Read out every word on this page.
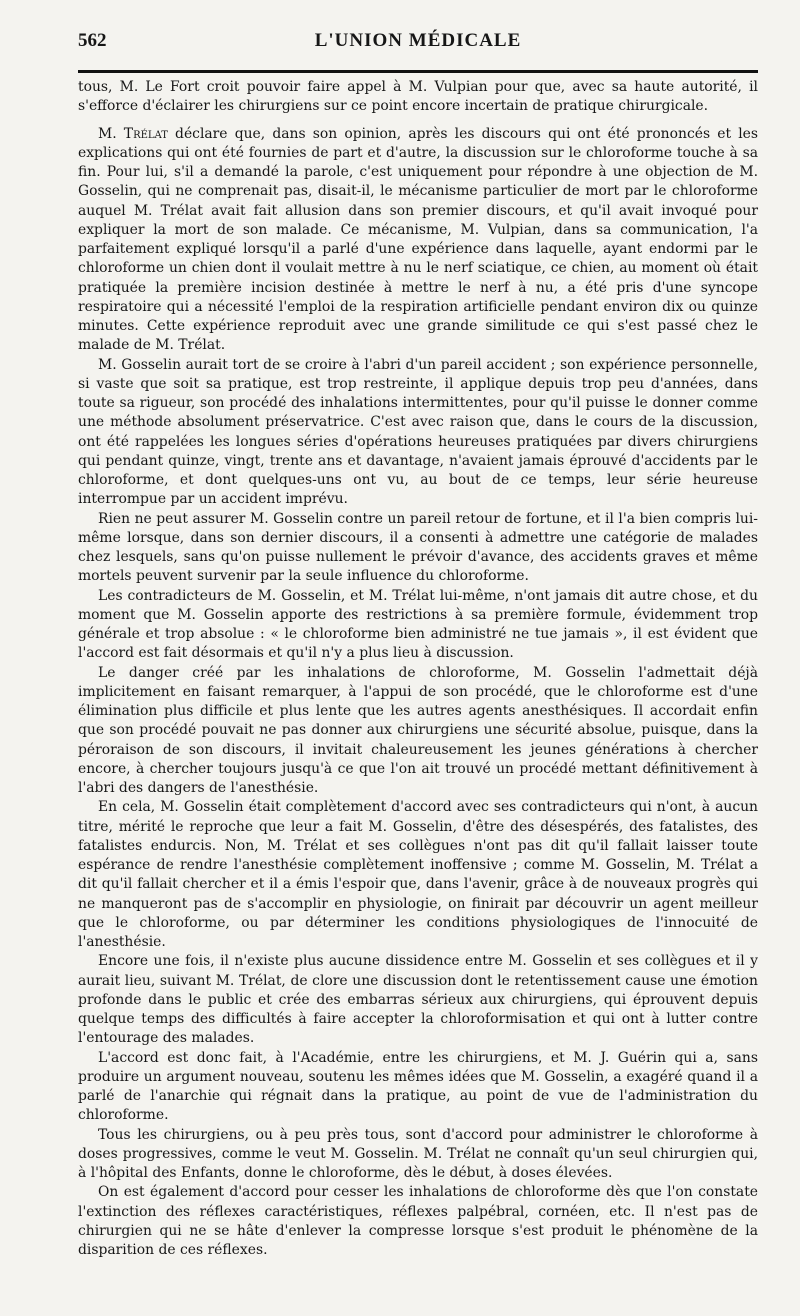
562	L'UNION MÉDICALE

tous, M. Le Fort croit pouvoir faire appel à M. Vulpian pour que, avec sa haute autorité, il s'efforce d'éclairer les chirurgiens sur ce point encore incertain de pratique chirurgicale.

M. Trélat déclare que, dans son opinion, après les discours qui ont été prononcés et les explications qui ont été fournies de part et d'autre, la discussion sur le chloroforme touche à sa fin. Pour lui, s'il a demandé la parole, c'est uniquement pour répondre à une objection de M. Gosselin, qui ne comprenait pas, disait-il, le mécanisme particulier de mort par le chloroforme auquel M. Trélat avait fait allusion dans son premier discours, et qu'il avait invoqué pour expliquer la mort de son malade. Ce mécanisme, M. Vulpian, dans sa communication, l'a parfaitement expliqué lorsqu'il a parlé d'une expérience dans laquelle, ayant endormi par le chloroforme un chien dont il voulait mettre à nu le nerf sciatique, ce chien, au moment où était pratiquée la première incision destinée à mettre le nerf à nu, a été pris d'une syncope respiratoire qui a nécessité l'emploi de la respiration artificielle pendant environ dix ou quinze minutes. Cette expérience reproduit avec une grande similitude ce qui s'est passé chez le malade de M. Trélat.

M. Gosselin aurait tort de se croire à l'abri d'un pareil accident ; son expérience personnelle, si vaste que soit sa pratique, est trop restreinte, il applique depuis trop peu d'années, dans toute sa rigueur, son procédé des inhalations intermittentes, pour qu'il puisse le donner comme une méthode absolument préservatrice. C'est avec raison que, dans le cours de la discussion, ont été rappelées les longues séries d'opérations heureuses pratiquées par divers chirurgiens qui pendant quinze, vingt, trente ans et davantage, n'avaient jamais éprouvé d'accidents par le chloroforme, et dont quelques-uns ont vu, au bout de ce temps, leur série heureuse interrompue par un accident imprévu.

Rien ne peut assurer M. Gosselin contre un pareil retour de fortune, et il l'a bien compris lui-même lorsque, dans son dernier discours, il a consenti à admettre une catégorie de malades chez lesquels, sans qu'on puisse nullement le prévoir d'avance, des accidents graves et même mortels peuvent survenir par la seule influence du chloroforme.

Les contradicteurs de M. Gosselin, et M. Trélat lui-même, n'ont jamais dit autre chose, et du moment que M. Gosselin apporte des restrictions à sa première formule, évidemment trop générale et trop absolue : « le chloroforme bien administré ne tue jamais », il est évident que l'accord est fait désormais et qu'il n'y a plus lieu à discussion.

Le danger créé par les inhalations de chloroforme, M. Gosselin l'admettait déjà implicitement en faisant remarquer, à l'appui de son procédé, que le chloroforme est d'une élimination plus difficile et plus lente que les autres agents anesthésiques. Il accordait enfin que son procédé pouvait ne pas donner aux chirurgiens une sécurité absolue, puisque, dans la péroraison de son discours, il invitait chaleureusement les jeunes générations à chercher encore, à chercher toujours jusqu'à ce que l'on ait trouvé un procédé mettant définitivement à l'abri des dangers de l'anesthésie.

En cela, M. Gosselin était complètement d'accord avec ses contradicteurs qui n'ont, à aucun titre, mérité le reproche que leur a fait M. Gosselin, d'être des désespérés, des fatalistes, des fatalistes endurcis. Non, M. Trélat et ses collègues n'ont pas dit qu'il fallait laisser toute espérance de rendre l'anesthésie complètement inoffensive ; comme M. Gosselin, M. Trélat a dit qu'il fallait chercher et il a émis l'espoir que, dans l'avenir, grâce à de nouveaux progrès qui ne manqueront pas de s'accomplir en physiologie, on finirait par découvrir un agent meilleur que le chloroforme, ou par déterminer les conditions physiologiques de l'innocuité de l'anesthésie.

Encore une fois, il n'existe plus aucune dissidence entre M. Gosselin et ses collègues et il y aurait lieu, suivant M. Trélat, de clore une discussion dont le retentissement cause une émotion profonde dans le public et crée des embarras sérieux aux chirurgiens, qui éprouvent depuis quelque temps des difficultés à faire accepter la chloroformisation et qui ont à lutter contre l'entourage des malades.

L'accord est donc fait, à l'Académie, entre les chirurgiens, et M. J. Guérin qui a, sans produire un argument nouveau, soutenu les mêmes idées que M. Gosselin, a exagéré quand il a parlé de l'anarchie qui régnait dans la pratique, au point de vue de l'administration du chloroforme.

Tous les chirurgiens, ou à peu près tous, sont d'accord pour administrer le chloroforme à doses progressives, comme le veut M. Gosselin. M. Trélat ne connaît qu'un seul chirurgien qui, à l'hôpital des Enfants, donne le chloroforme, dès le début, à doses élevées.

On est également d'accord pour cesser les inhalations de chloroforme dès que l'on constate l'extinction des réflexes caractéristiques, réflexes palpébral, cornéen, etc. Il n'est pas de chirurgien qui ne se hâte d'enlever la compresse lorsque s'est produit le phénomène de la disparition de ces réflexes.
